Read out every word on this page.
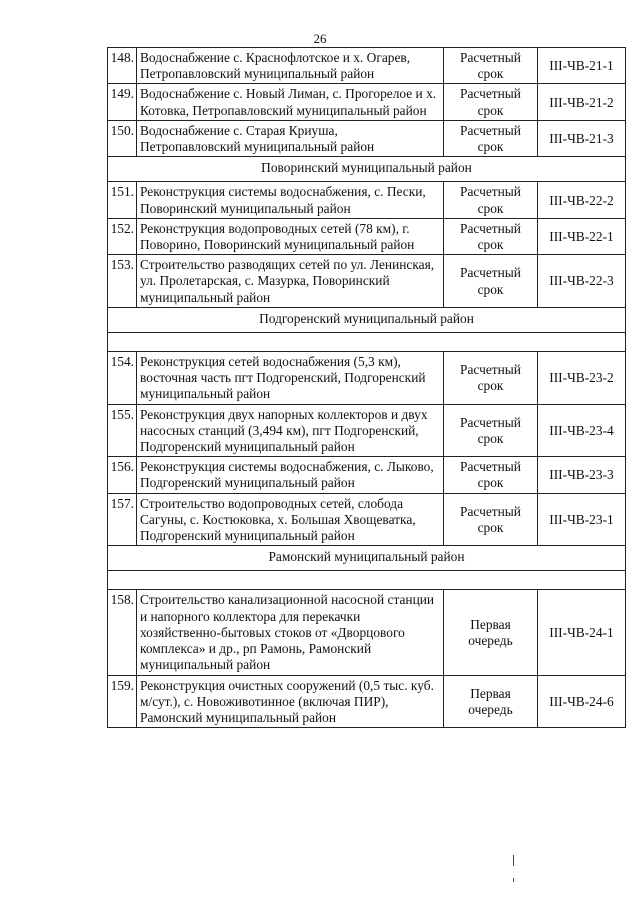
26
148.	Водоснабжение с. Краснофлотское и х. Огарев, Петропавловский муниципальный район	Расчетный срок	III-ЧВ-21-1
149.	Водоснабжение с. Новый Лиман, с. Прогорелое и х. Котовка, Петропавловский муниципальный район	Расчетный срок	III-ЧВ-21-2
150.	Водоснабжение с. Старая Криуша, Петропавловский муниципальный район	Расчетный срок	III-ЧВ-21-3
Поворинский муниципальный район			
151.	Реконструкция системы водоснабжения, с. Пески, Поворинский муниципальный район	Расчетный срок	III-ЧВ-22-2
152.	Реконструкция водопроводных сетей (78 км), г. Поворино, Поворинский муниципальный район	Расчетный срок	III-ЧВ-22-1
153.	Строительство разводящих сетей по ул. Ленинская, ул. Пролетарская, с. Мазурка, Поворинский муниципальный район	Расчетный срок	III-ЧВ-22-3
Подгоренский муниципальный район			

154.	Реконструкция сетей водоснабжения (5,3 км), восточная часть пгт Подгоренский, Подгоренский муниципальный район	Расчетный срок	III-ЧВ-23-2
155.	Реконструкция двух напорных коллекторов и двух насосных станций (3,494 км), пгт Подгоренский, Подгоренский муниципальный район	Расчетный срок	III-ЧВ-23-4
156.	Реконструкция системы водоснабжения, с. Лыково, Подгоренский муниципальный район	Расчетный срок	III-ЧВ-23-3
157.	Строительство водопроводных сетей, слобода Сагуны, с. Костюковка, х. Большая Хвощеватка, Подгоренский муниципальный район	Расчетный срок	III-ЧВ-23-1
Рамонский муниципальный район			

158.	Строительство канализационной насосной станции и напорного коллектора для перекачки хозяйственно-бытовых стоков от «Дворцового комплекса» и др., рп Рамонь, Рамонский муниципальный район	Первая очередь	III-ЧВ-24-1
159.	Реконструкция очистных сооружений (0,5 тыс. куб. м/сут.), с. Новоживотинное (включая ПИР), Рамонский муниципальный район	Первая очередь	III-ЧВ-24-6
